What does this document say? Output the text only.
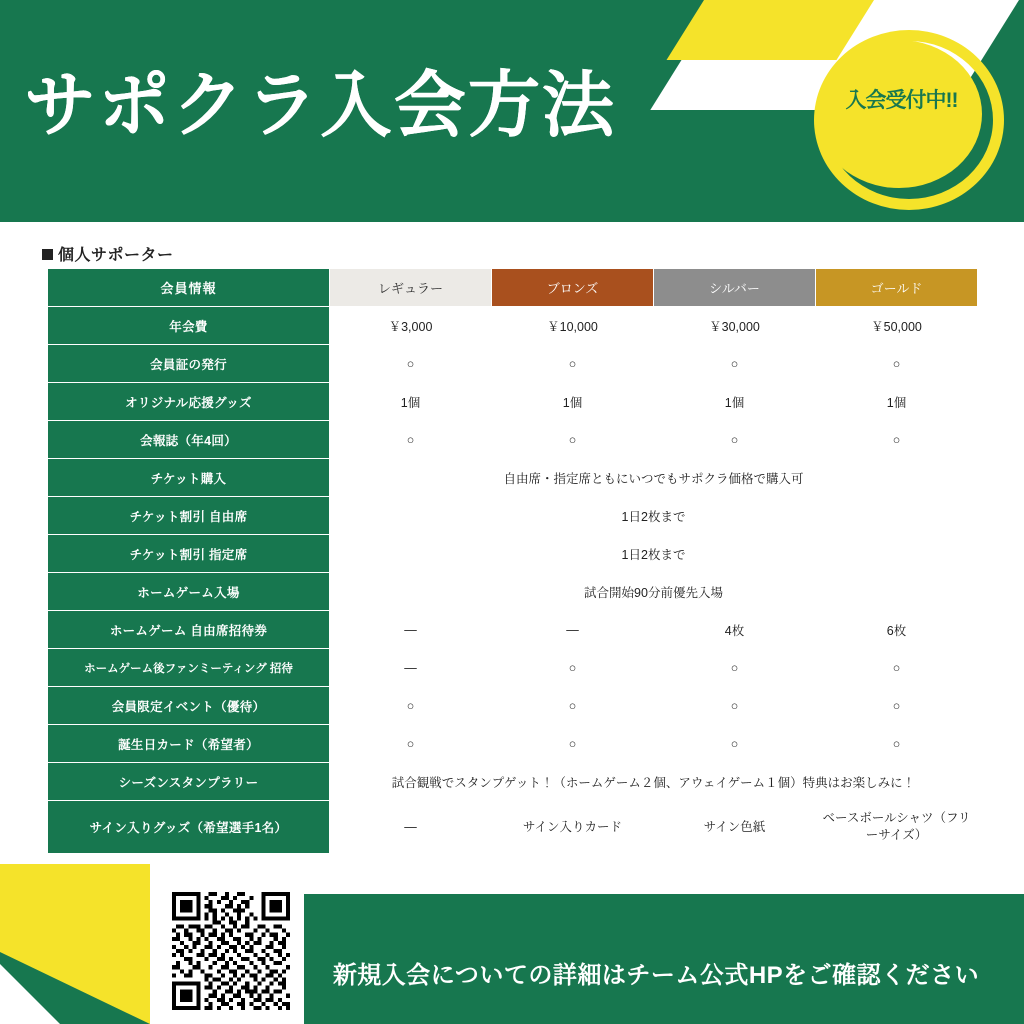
サポクラ入会方法	入会受付中!!
個人サポーター
会員情報	レギュラー	ブロンズ	シルバー	ゴールド
年会費	￥3,000	￥10,000	￥30,000	￥50,000
会員証の発行	○	○	○	○
オリジナル応援グッズ	1個	1個	1個	1個
会報誌（年4回）	○	○	○	○
チケット購入	自由席・指定席ともにいつでもサポクラ価格で購入可			
チケット割引 自由席	1日2枚まで			
チケット割引 指定席	1日2枚まで			
ホームゲーム入場	試合開始90分前優先入場			
ホームゲーム 自由席招待券	—	—	4枚	6枚
ホームゲーム後ファンミーティング 招待	—	○	○	○
会員限定イベント（優待）	○	○	○	○
誕生日カード（希望者）	○	○	○	○
シーズンスタンプラリー	試合観戦でスタンプゲット！（ホームゲーム２個、アウェイゲーム１個）特典はお楽しみに！			
サイン入りグッズ（希望選手1名）	—	サイン入りカード	サイン色紙	ベースボールシャツ（フリーサイズ）
新規入会についての詳細はチーム公式HPをご確認ください
